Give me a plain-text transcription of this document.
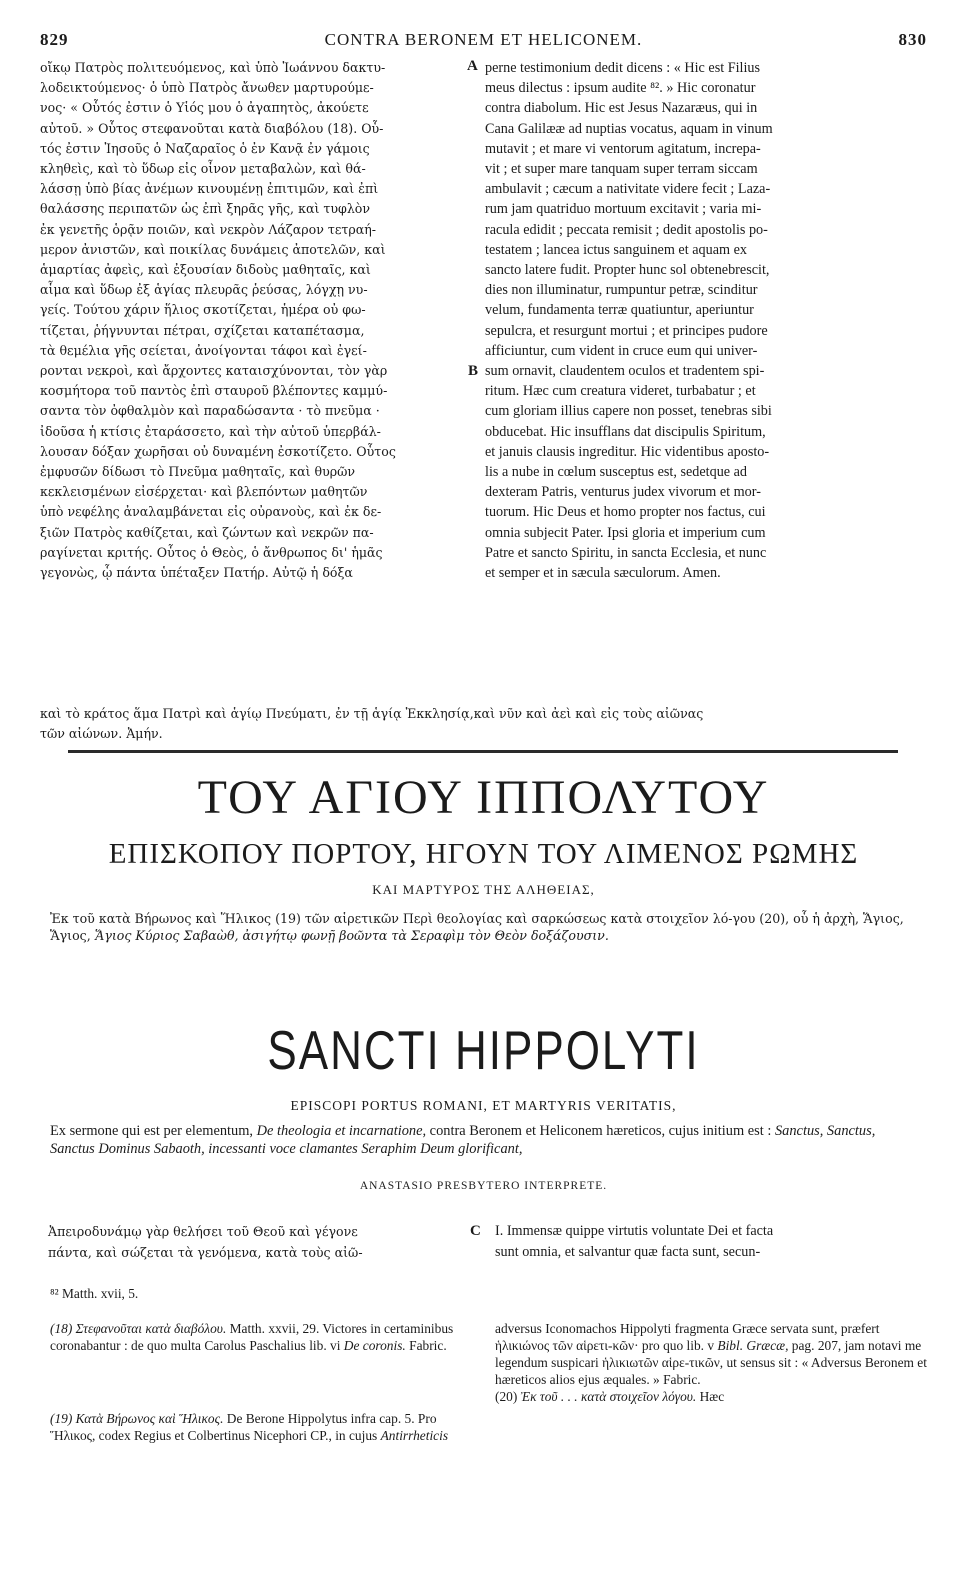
829	CONTRA BERONEM ET HELICONEM.	830
οἴκῳ Πατρὸς πολιτευόμενος, καὶ ὑπὸ Ἰωάννου δακτυ-
λοδεικτούμενος· ὁ ὑπὸ Πατρὸς ἄνωθεν μαρτυρούμε-
νος· « Οὗτός ἐστιν ὁ Υἱός μου ὁ ἀγαπητὸς, ἀκούετε
αὐτοῦ. » Οὗτος στεφανοῦται κατὰ διαβόλου (18). Οὗ-
τός ἐστιν Ἰησοῦς ὁ Ναζαραῖος ὁ ἐν Κανᾷ ἐν γάμοις
κληθεὶς, καὶ τὸ ὕδωρ εἰς οἶνον μεταβαλὼν, καὶ θά-
λάσσῃ ὑπὸ βίας ἀνέμων κινουμένῃ ἐπιτιμῶν, καὶ ἐπὶ
θαλάσσης περιπατῶν ὡς ἐπὶ ξηρᾶς γῆς, καὶ τυφλὸν
ἐκ γενετῆς ὁρᾷν ποιῶν, καὶ νεκρὸν Λάζαρον τετραή-
μερον ἀνιστῶν, καὶ ποικίλας δυνάμεις ἀποτελῶν, καὶ
ἁμαρτίας ἀφεὶς, καὶ ἐξουσίαν διδοὺς μαθηταῖς, καὶ
αἷμα καὶ ὕδωρ ἐξ ἁγίας πλευρᾶς ῥεύσας, λόγχῃ νυ-
γείς. Τούτου χάριν ἥλιος σκοτίζεται, ἡμέρα οὐ φω-
τίζεται, ῥήγνυνται πέτραι, σχίζεται καταπέτασμα,
τὰ θεμέλια γῆς σείεται, ἀνοίγονται τάφοι καὶ ἐγεί-
ρονται νεκροὶ, καὶ ἄρχοντες καταισχύνονται, τὸν γὰρ
κοσμήτορα τοῦ παντὸς ἐπὶ σταυροῦ βλέποντες καμμύ-
σαντα τὸν ὀφθαλμὸν καὶ παραδώσαντα · τὸ πνεῦμα ·
ἰδοῦσα ἡ κτίσις ἐταράσσετο, καὶ τὴν αὐτοῦ ὑπερβάλ-
λουσαν δόξαν χωρῆσαι οὐ δυναμένη ἐσκοτίζετο. Οὗτος
ἐμφυσῶν δίδωσι τὸ Πνεῦμα μαθηταῖς, καὶ θυρῶν
κεκλεισμένων εἰσέρχεται· καὶ βλεπόντων μαθητῶν
ὑπὸ νεφέλης ἀναλαμβάνεται εἰς οὐρανοὺς, καὶ ἐκ δε-
ξιῶν Πατρὸς καθίζεται, καὶ ζώντων καὶ νεκρῶν πα-
ραγίνεται κριτής. Οὗτος ὁ Θεὸς, ὁ ἄνθρωπος δι' ἡμᾶς
γεγονὼς, ᾧ πάντα ὑπέταξεν Πατήρ. Αὐτῷ ἡ δόξα
perne testimonium dedit dicens : « Hic est Filius
meus dilectus : ipsum audite ⁸². » Hic coronatur
contra diabolum. Hic est Jesus Nazaræus, qui in
Cana Galilææ ad nuptias vocatus, aquam in vinum
mutavit ; et mare vi ventorum agitatum, increpa-
vit ; et super mare tanquam super terram siccam
ambulavit ; cæcum a nativitate videre fecit ; Laza-
rum jam quatriduo mortuum excitavit ; varia mi-
racula edidit ; peccata remisit ; dedit apostolis po-
testatem ; lancea ictus sanguinem et aquam ex
sancto latere fudit. Propter hunc sol obtenebrescit,
dies non illuminatur, rumpuntur petræ, scinditur
velum, fundamenta terræ quatiuntur, aperiuntur
sepulcra, et resurgunt mortui ; et principes pudore
afficiuntur, cum vident in cruce eum qui univer-
sum ornavit, claudentem oculos et tradentem spi-
ritum. Hæc cum creatura videret, turbabatur ; et
cum gloriam illius capere non posset, tenebras sibi
obducebat. Hic insufflans dat discipulis Spiritum,
et januis clausis ingreditur. Hic videntibus aposto-
lis a nube in cœlum susceptus est, sedetque ad
dexteram Patris, venturus judex vivorum et mor-
tuorum. Hic Deus et homo propter nos factus, cui
omnia subjecit Pater. Ipsi gloria et imperium cum
Patre et sancto Spiritu, in sancta Ecclesia, et nunc
et semper et in sæcula sæculorum. Amen.
A
B
καὶ τὸ κράτος ἅμα Πατρὶ καὶ ἁγίῳ Πνεύματι, ἐν τῇ ἁγίᾳ Ἐκκλησίᾳ,καὶ νῦν καὶ ἀεὶ καὶ εἰς τοὺς αἰῶνας
τῶν αἰώνων. Ἀμήν.
ΤΟΥ ΑΓΙΟΥ ΙΠΠΟΛΥΤΟΥ
ΕΠΙΣΚΟΠΟΥ ΠΟΡΤΟΥ, ΗΓΟΥΝ ΤΟΥ ΛΙΜΕΝΟΣ ΡΩΜΗΣ
ΚΑΙ ΜΑΡΤΥΡΟΣ ΤΗΣ ΑΛΗΘΕΙΑΣ,
Ἐκ τοῦ κατὰ Βήρωνος καὶ Ἥλικος (19) τῶν αἱρετικῶν Περὶ θεολογίας καὶ σαρκώσεως κατὰ στοιχεῖον λό-γου (20), οὗ ἡ ἀρχὴ, Ἅγιος, Ἅγιος, Ἅγιος Κύριος Σαβαὼθ, ἀσιγήτῳ φωνῇ βοῶντα τὰ Σεραφὶμ τὸν Θεὸν δοξάζουσιν.
SANCTI HIPPOLYTI
EPISCOPI PORTUS ROMANI, ET MARTYRIS VERITATIS,
Ex sermone qui est per elementum, De theologia et incarnatione, contra Beronem et Heliconem hæreticos, cujus initium est : Sanctus, Sanctus, Sanctus Dominus Sabaoth, incessanti voce clamantes Seraphim Deum glorificant,
ANASTASIO PRESBYTERO INTERPRETE.
Ἀπειροδυνάμῳ γὰρ θελήσει τοῦ Θεοῦ καὶ γέγονε
πάντα, καὶ σώζεται τὰ γενόμενα, κατὰ τοὺς αἰῶ-
C I. Immensæ quippe virtutis voluntate Dei et facta
sunt omnia, et salvantur quæ facta sunt, secun-
⁸² Matth. xvii, 5.
(18) Στεφανοῦται κατὰ διαβόλου. Matth. xxvii, 29. Victores in certaminibus coronabantur : de quo multa Carolus Paschalius lib. vi De coronis. Fabric.
(19) Κατὰ Βήρωνος καὶ Ἥλικος. De Berone Hippolytus infra cap. 5. Pro Ἥλικος, codex Regius et Colbertinus Nicephori CP., in cujus Antirrheticis
adversus Iconomachos Hippolyti fragmenta Græce servata sunt, præfert ἡλικιώνος τῶν αἱρετι-κῶν· pro quo lib. v Bibl. Græcæ, pag. 207, jam notavi me legendum suspicari ἡλικιωτῶν αἱρε-τικῶν, ut sensus sit : « Adversus Beronem et hæreticos alios ejus æquales. » Fabric.
(20) Ἐκ τοῦ . . . κατὰ στοιχεῖον λόγου. Hæc
